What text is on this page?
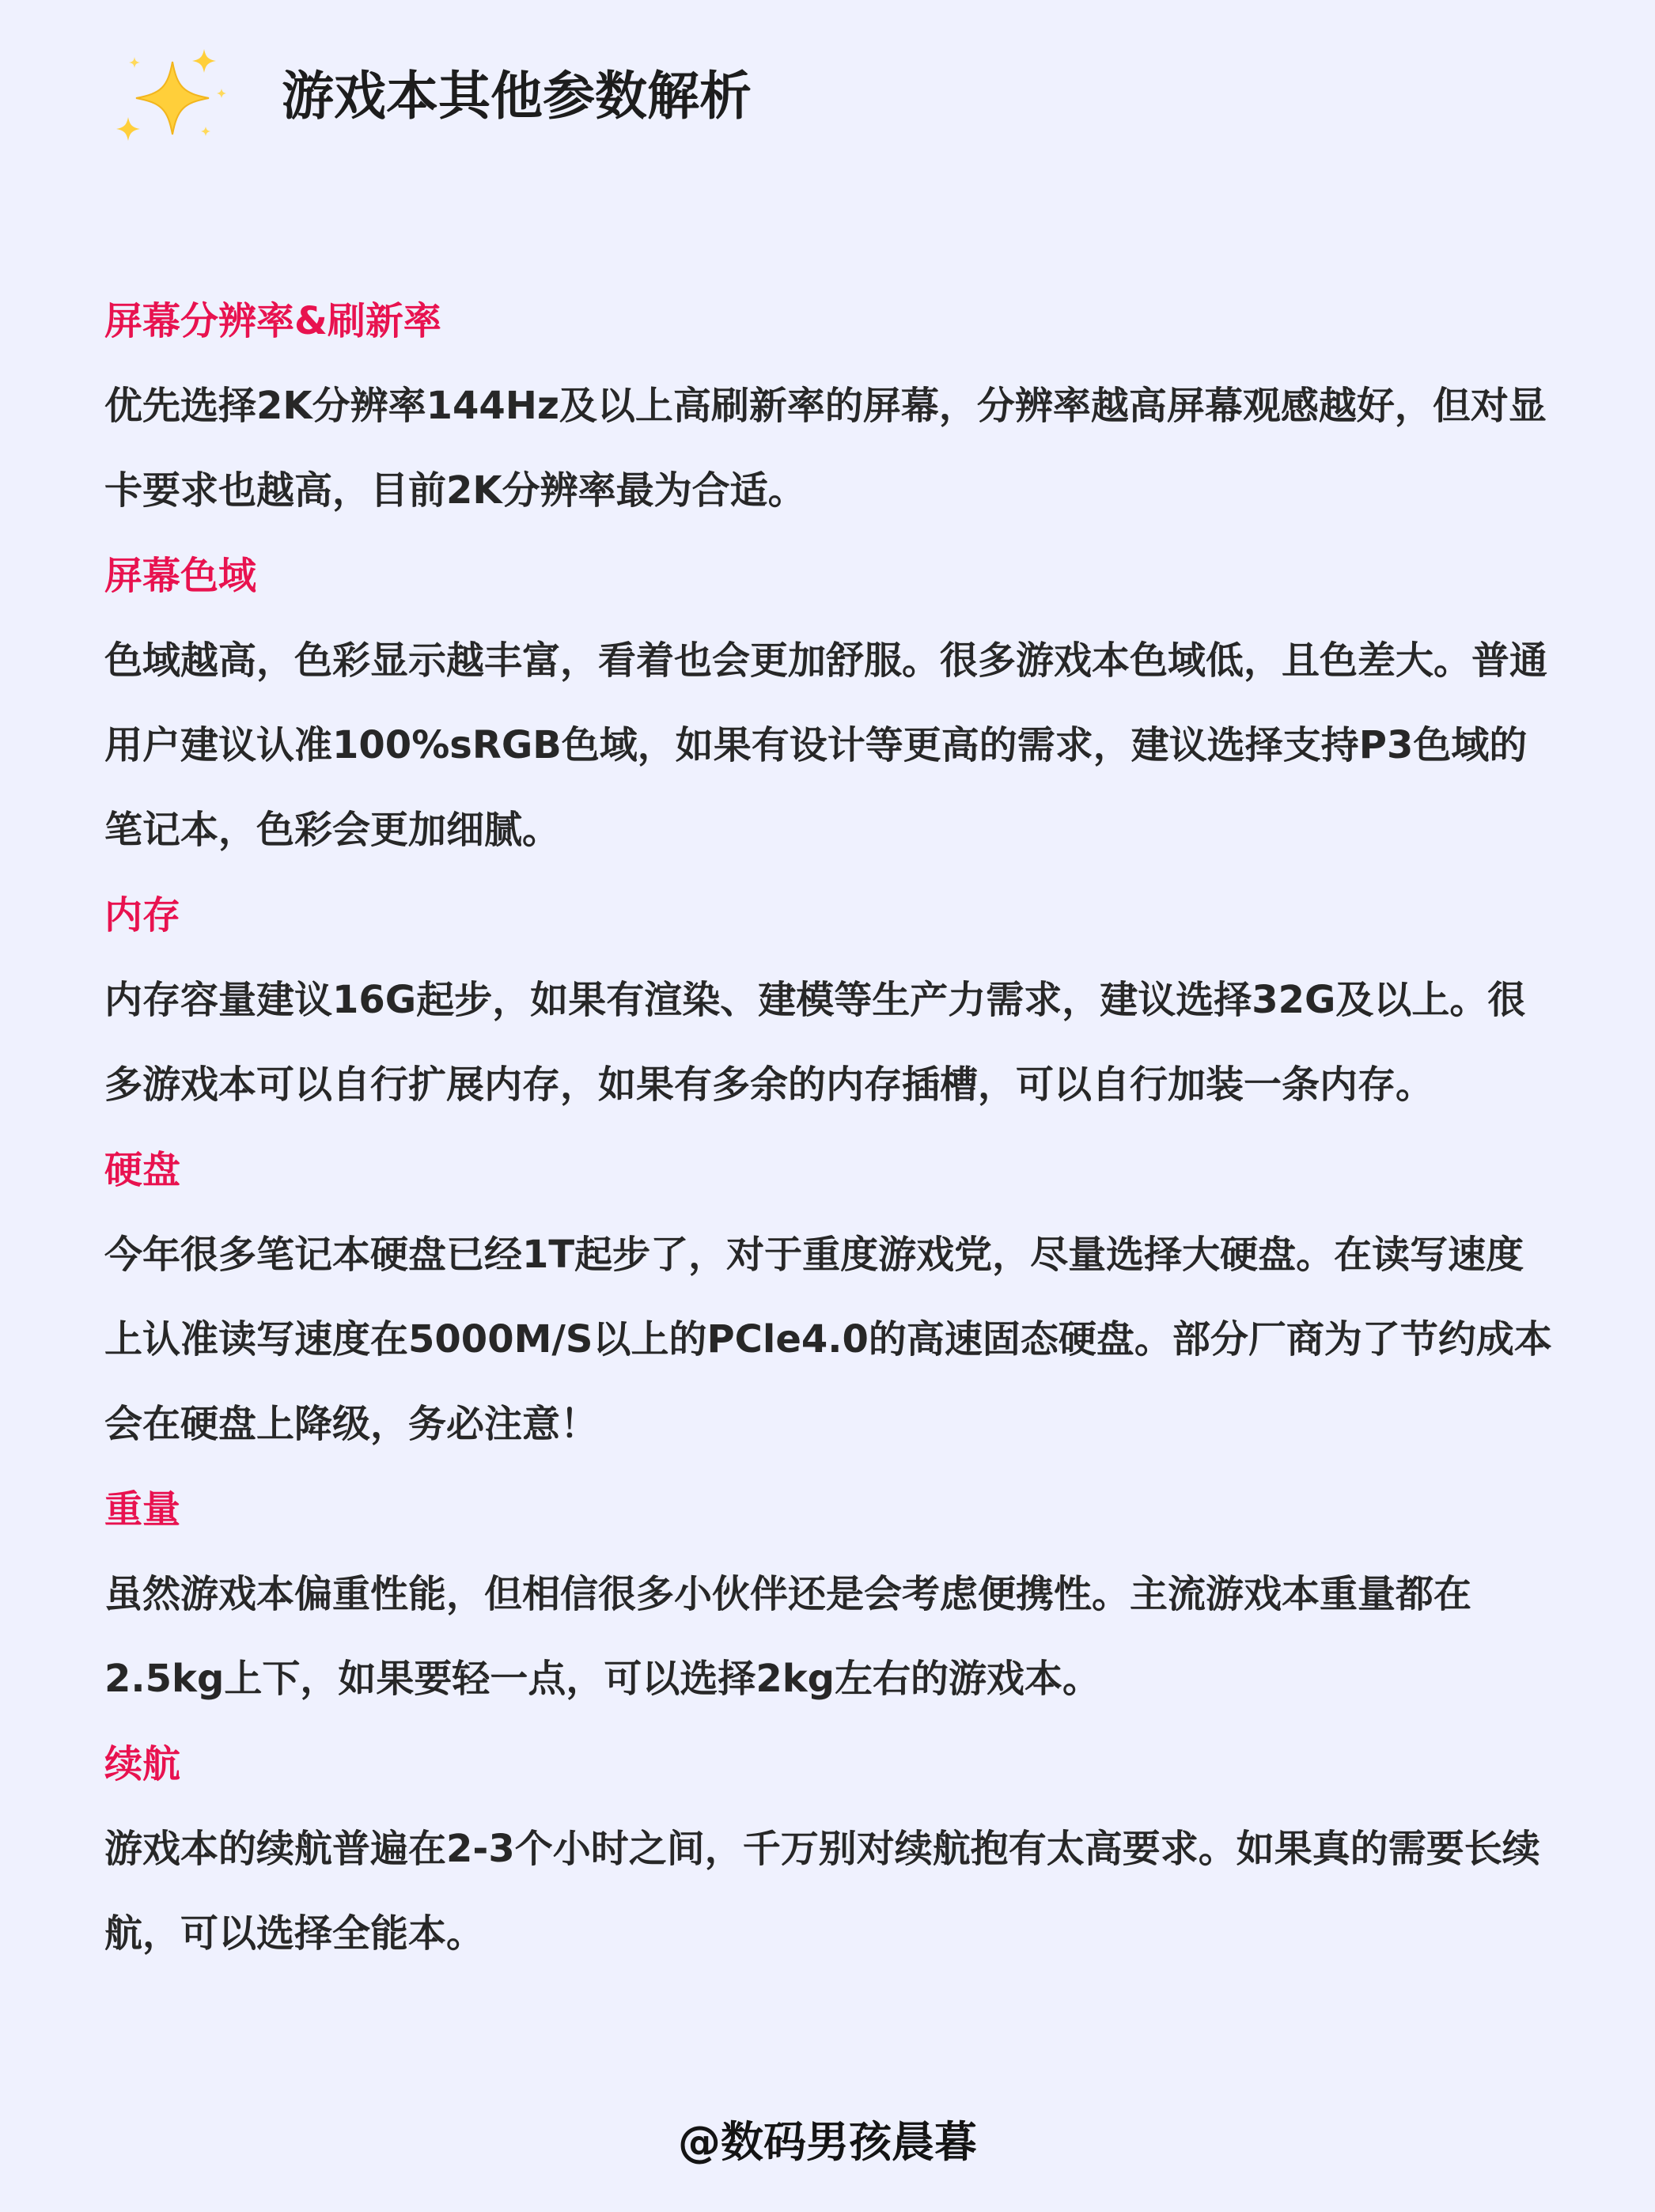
游戏本其他参数解析
屏幕分辨率&刷新率

优先选择2K分辨率144Hz及以上高刷新率的屏幕，分辨率越高屏幕观感越好，但对显卡要求也越高，目前2K分辨率最为合适。

屏幕色域

色域越高，色彩显示越丰富，看着也会更加舒服。很多游戏本色域低，且色差大。普通用户建议认准100%sRGB色域，如果有设计等更高的需求，建议选择支持P3色域的笔记本，色彩会更加细腻。

内存

内存容量建议16G起步，如果有渲染、建模等生产力需求，建议选择32G及以上。很多游戏本可以自行扩展内存，如果有多余的内存插槽，可以自行加装一条内存。

硬盘

今年很多笔记本硬盘已经1T起步了，对于重度游戏党，尽量选择大硬盘。在读写速度上认准读写速度在5000M/S以上的PCle4.0的高速固态硬盘。部分厂商为了节约成本会在硬盘上降级，务必注意！

重量

虽然游戏本偏重性能，但相信很多小伙伴还是会考虑便携性。主流游戏本重量都在2.5kg上下，如果要轻一点，可以选择2kg左右的游戏本。

续航

游戏本的续航普遍在2-3个小时之间，千万别对续航抱有太高要求。如果真的需要长续航，可以选择全能本。

@数码男孩晨暮
